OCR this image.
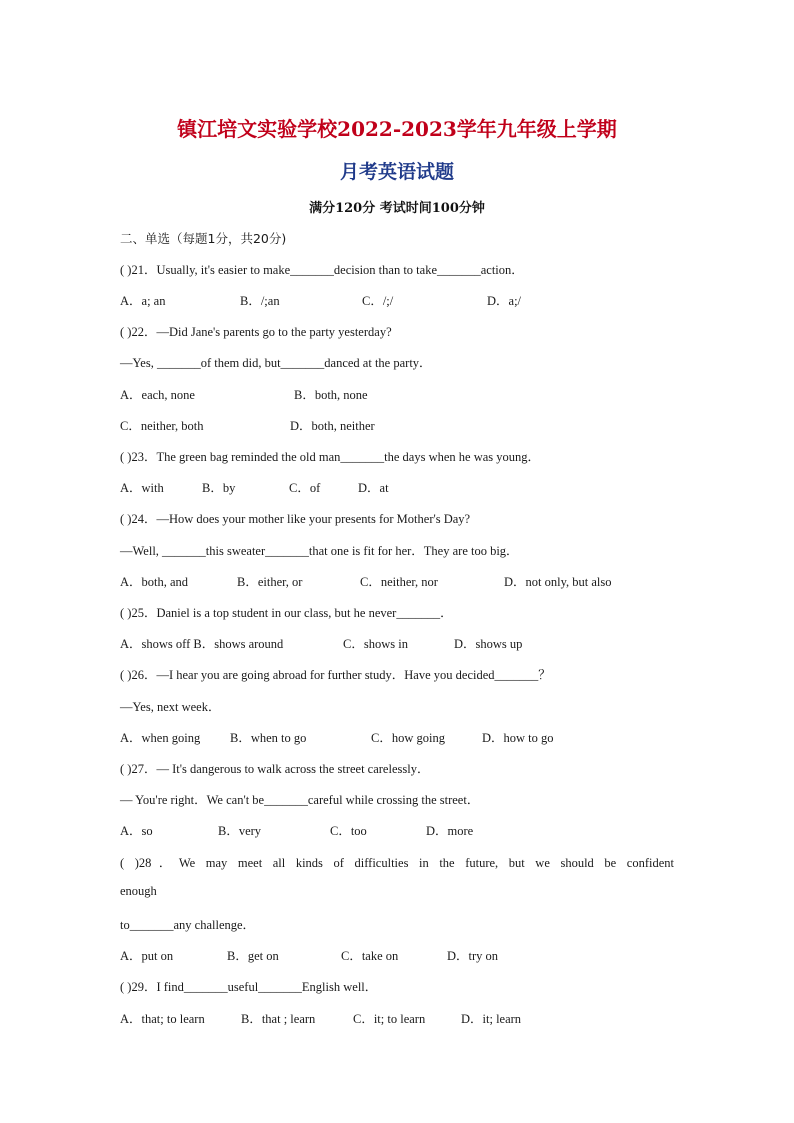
镇江培文实验学校2022-2023学年九年级上学期
月考英语试题
满分120分 考试时间100分钟
二、单选（每题1分，共20分)
( )21．Usually, it's easier to make_______decision than to take_______action．
A．a; an	B．/;an	C．/;/	D．a;/
( )22．—Did Jane's parents go to the party yesterday?
—Yes, _______of them did, but_______danced at the party．
A．each, none	B．both, none
C．neither, both	D．both, neither
( )23．The green bag reminded the old man_______the days when he was young．
A．with	B．by	C．of	D．at
( )24．—How does your mother like your presents for Mother's Day?
—Well, _______this sweater_______that one is fit for her．They are too big．
A．both, and	B．either, or	C．neither, nor	D．not only, but also
( )25．Daniel is a top student in our class, but he never_______．
A．shows off B．shows around	C．shows in	D．shows up
( )26．—I hear you are going abroad for further study．Have you decided_______？
—Yes, next week．
A．when going B．when to go	C．how going	D．how to go
( )27．— It's dangerous to walk across the street carelessly．
— You're right．We can't be_______careful while crossing the street．
A．so	B．very	C．too	D．more
( )28．We may meet all kinds of difficulties in the future, but we should be confident
enough
to_______any challenge．
A．put on	B．get on	C．take on	D．try on
( )29．I find_______useful_______English well．
A．that; to learn	B．that ; learn	C．it; to learn	D．it; learn
